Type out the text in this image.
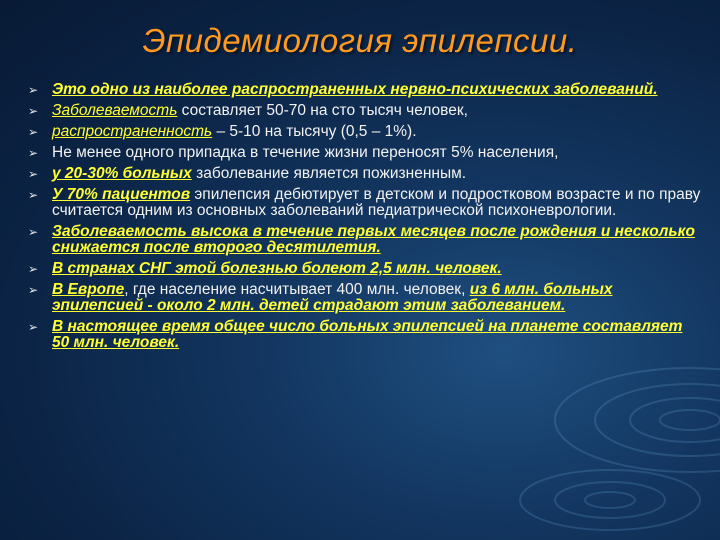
Эпидемиология эпилепсии.
➢ Это одно из наиболее распространенных нервно-психических заболеваний.
➢ Заболеваемость составляет 50-70 на сто тысяч человек,
➢ распространенность – 5-10 на тысячу (0,5 – 1%).
➢ Не менее одного припадка в течение жизни переносят 5% населения,
➢ у 20-30% больных заболевание является пожизненным.
➢ У 70% пациентов эпилепсия дебютирует в детском и подростковом возрасте и по праву считается одним из основных заболеваний педиатрической психоневрологии.
➢ Заболеваемость высока в течение первых месяцев после рождения и несколько снижается после второго десятилетия.
➢ В странах СНГ этой болезнью болеют 2,5 млн. человек.
➢ В Европе, где население насчитывает 400 млн. человек, из 6 млн. больных эпилепсией - около 2 млн. детей страдают этим заболеванием.
➢ В настоящее время общее число больных эпилепсией на планете составляет 50 млн. человек.
